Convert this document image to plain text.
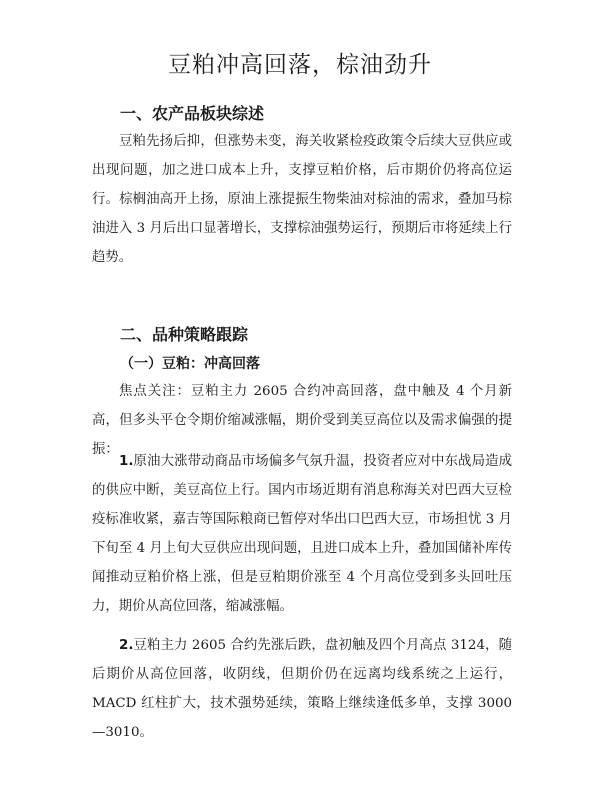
豆粕冲高回落，棕油劲升
一、农产品板块综述
豆粕先扬后抑，但涨势未变，海关收紧检疫政策令后续大豆供应或出现问题，加之进口成本上升，支撑豆粕价格，后市期价仍将高位运行。棕榈油高开上扬，原油上涨提振生物柴油对棕油的需求，叠加马棕油进入 3 月后出口显著增长，支撑棕油强势运行，预期后市将延续上行趋势。
二、品种策略跟踪
（一）豆粕：冲高回落
焦点关注：豆粕主力 2605 合约冲高回落，盘中触及 4 个月新高，但多头平仓令期价缩减涨幅，期价受到美豆高位以及需求偏强的提振：
1.原油大涨带动商品市场偏多气氛升温，投资者应对中东战局造成的供应中断，美豆高位上行。国内市场近期有消息称海关对巴西大豆检疫标准收紧，嘉吉等国际粮商已暂停对华出口巴西大豆，市场担忧 3 月下旬至 4 月上旬大豆供应出现问题，且进口成本上升，叠加国储补库传闻推动豆粕价格上涨，但是豆粕期价涨至 4 个月高位受到多头回吐压力，期价从高位回落，缩减涨幅。
2.豆粕主力 2605 合约先涨后跌，盘初触及四个月高点 3124，随后期价从高位回落，收阴线，但期价仍在远离均线系统之上运行，MACD 红柱扩大，技术强势延续，策略上继续逢低多单，支撑 3000—3010。
